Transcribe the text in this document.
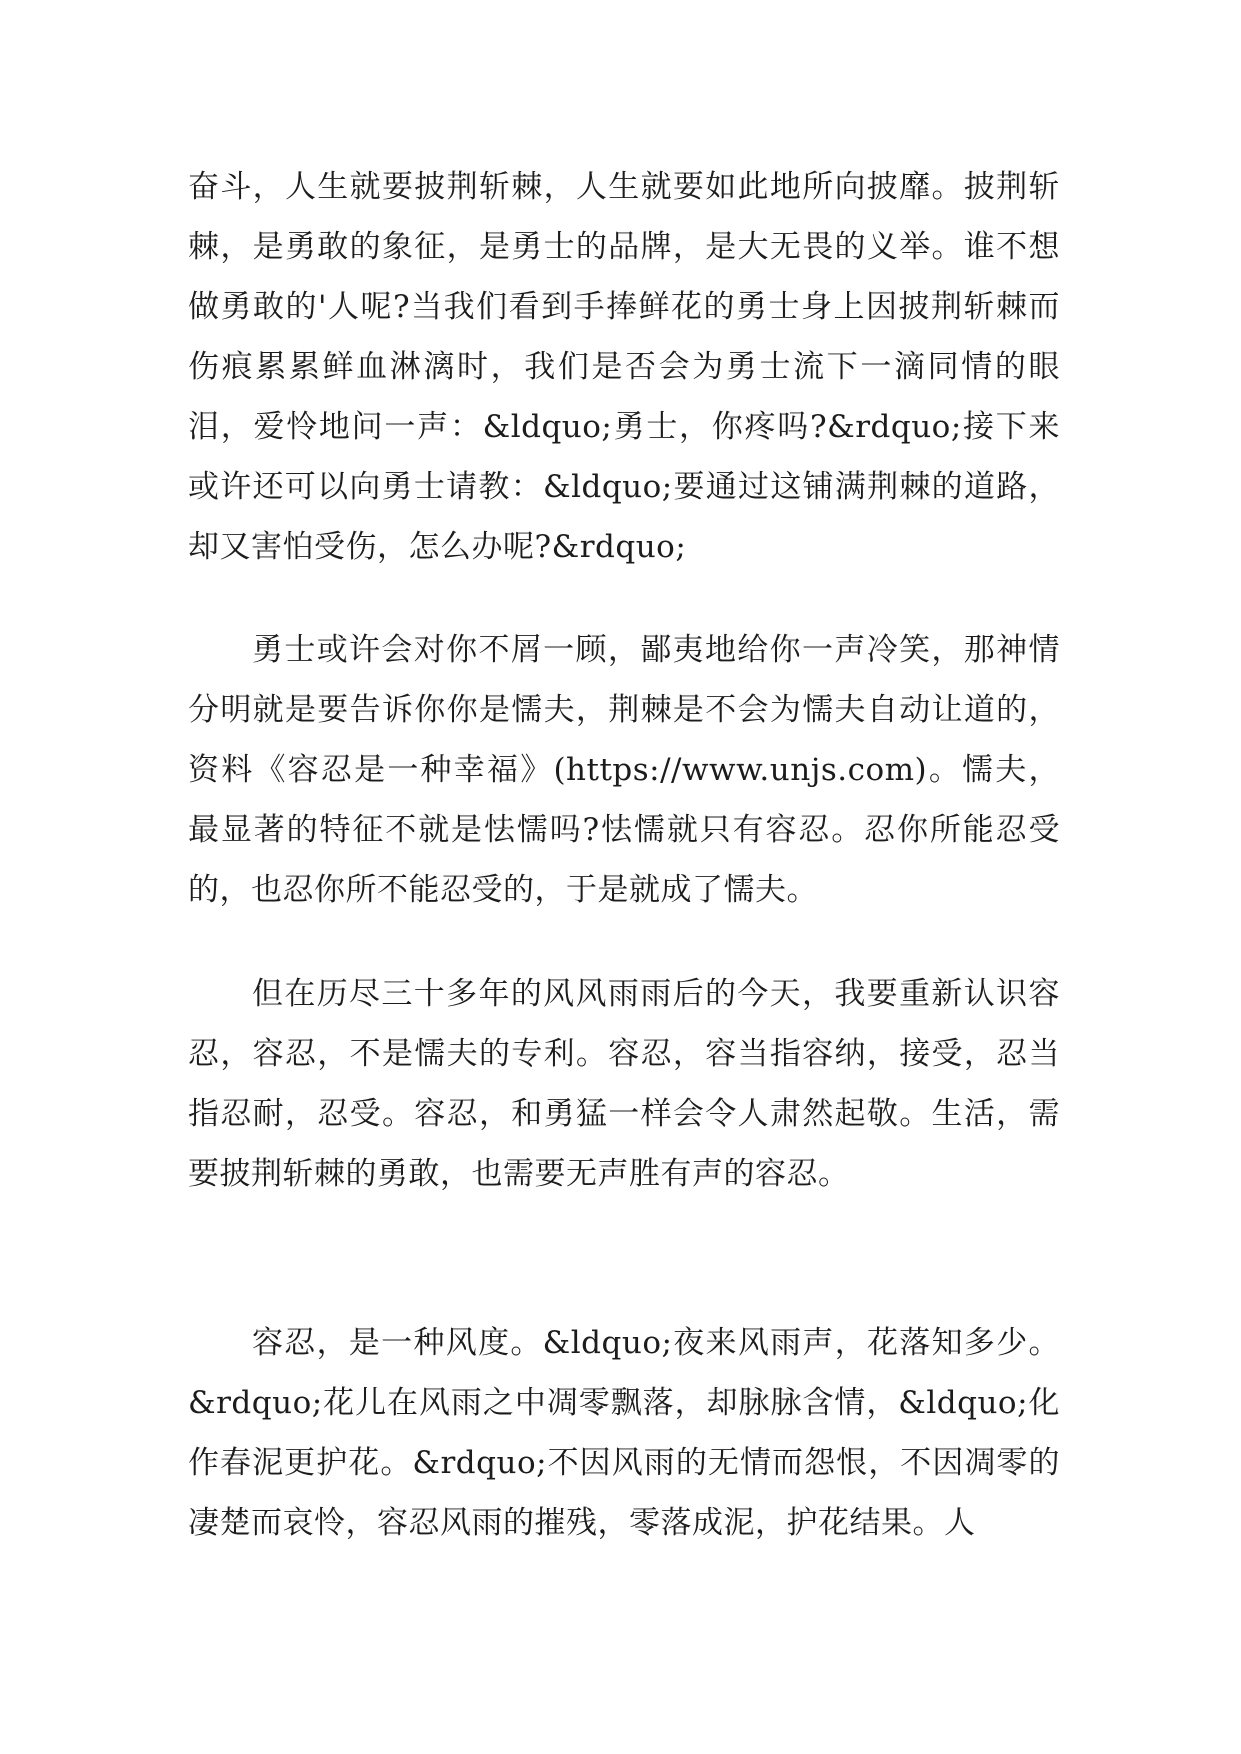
奋斗，人生就要披荆斩棘，人生就要如此地所向披靡。披荆斩棘，是勇敢的象征，是勇士的品牌，是大无畏的义举。谁不想做勇敢的'人呢?当我们看到手捧鲜花的勇士身上因披荆斩棘而伤痕累累鲜血淋漓时，我们是否会为勇士流下一滴同情的眼泪，爱怜地问一声：&ldquo;勇士，你疼吗?&rdquo;接下来或许还可以向勇士请教：&ldquo;要通过这铺满荆棘的道路，却又害怕受伤，怎么办呢?&rdquo;

勇士或许会对你不屑一顾，鄙夷地给你一声冷笑，那神情分明就是要告诉你你是懦夫，荆棘是不会为懦夫自动让道的，资料《容忍是一种幸福》(https://www.unjs.com)。懦夫，最显著的特征不就是怯懦吗?怯懦就只有容忍。忍你所能忍受的，也忍你所不能忍受的，于是就成了懦夫。

但在历尽三十多年的风风雨雨后的今天，我要重新认识容忍，容忍，不是懦夫的专利。容忍，容当指容纳，接受，忍当指忍耐，忍受。容忍，和勇猛一样会令人肃然起敬。生活，需要披荆斩棘的勇敢，也需要无声胜有声的容忍。

容忍，是一种风度。&ldquo;夜来风雨声，花落知多少。&rdquo;花儿在风雨之中凋零飘落，却脉脉含情，&ldquo;化作春泥更护花。&rdquo;不因风雨的无情而怨恨，不因凋零的凄楚而哀怜，容忍风雨的摧残，零落成泥，护花结果。人
